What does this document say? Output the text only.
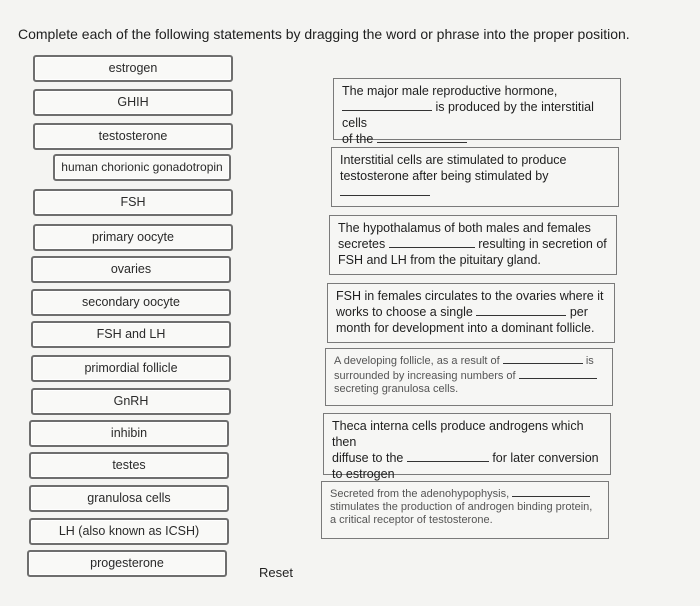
Complete each of the following statements by dragging the word or phrase into the proper position.
estrogen
GHIH
testosterone
human chorionic gonadotropin
FSH
primary oocyte
ovaries
secondary oocyte
FSH and LH
primordial follicle
GnRH
inhibin
testes
granulosa cells
LH (also known as ICSH)
progesterone
The major male reproductive hormone,
is produced by the interstitial cells
of the
Interstitial cells are stimulated to produce
testosterone after being stimulated by
The hypothalamus of both males and females
secretes	resulting in secretion of
FSH and LH from the pituitary gland.
FSH in females circulates to the ovaries where it
works to choose a single	per
month for development into a dominant follicle.
A developing follicle, as a result of	is
surrounded by increasing numbers of
secreting granulosa cells.
Theca interna cells produce androgens which then
diffuse to the	for later conversion
to estrogen
Secreted from the adenohypophysis,
stimulates the production of androgen binding protein,
a critical receptor of testosterone.
Reset
